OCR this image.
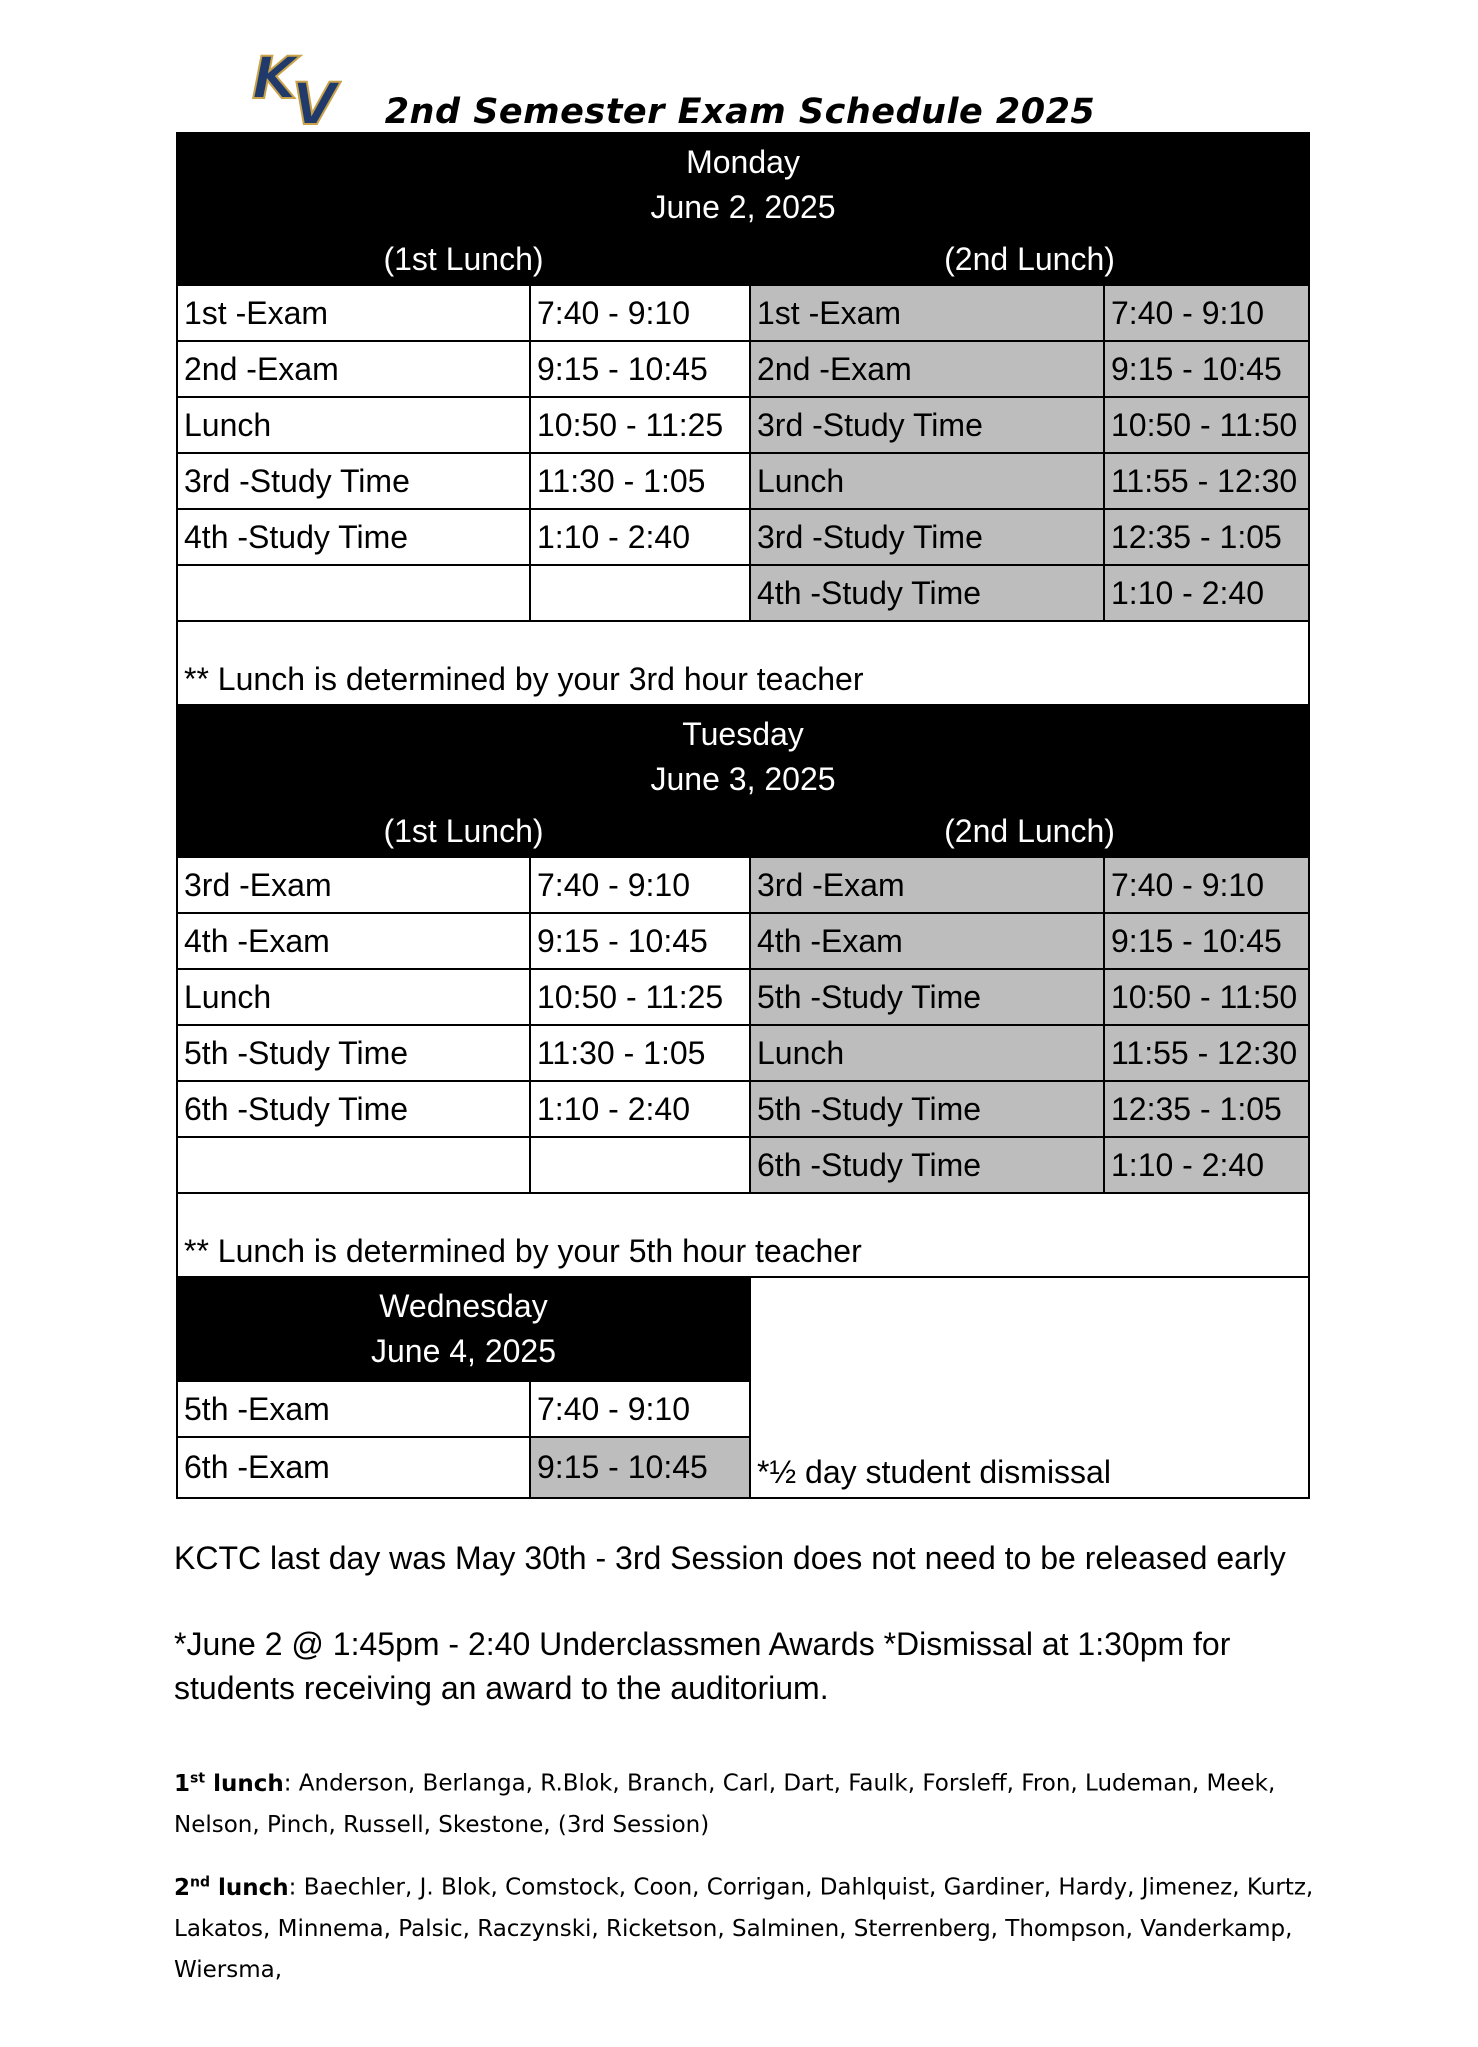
K
V	2nd Semester Exam Schedule 2025
Monday
June 2, 2025			

(1st Lunch)		(2nd Lunch)	
1st -Exam	7:40 - 9:10	1st -Exam	7:40 - 9:10
2nd -Exam	9:15 - 10:45	2nd -Exam	9:15 - 10:45
Lunch	10:50 - 11:25	3rd -Study Time	10:50 - 11:50
3rd -Study Time	11:30 - 1:05	Lunch	11:55 - 12:30
4th -Study Time	1:10 - 2:40	3rd -Study Time	12:35 - 1:05
		4th -Study Time	1:10 - 2:40
** Lunch is determined by your 3rd hour teacher			

Tuesday
June 3, 2025			

(1st Lunch)		(2nd Lunch)	
3rd -Exam	7:40 - 9:10	3rd -Exam	7:40 - 9:10
4th -Exam	9:15 - 10:45	4th -Exam	9:15 - 10:45
Lunch	10:50 - 11:25	5th -Study Time	10:50 - 11:50
5th -Study Time	11:30 - 1:05	Lunch	11:55 - 12:30
6th -Study Time	1:10 - 2:40	5th -Study Time	12:35 - 1:05
		6th -Study Time	1:10 - 2:40
** Lunch is determined by your 5th hour teacher			

Wednesday
June 4, 2025			

5th -Exam	7:40 - 9:10		
6th -Exam	9:15 - 10:45	*½ day student dismissal	
KCTC last day was May 30th - 3rd Session does not need to be released early
*June 2 @ 1:45pm - 2:40 Underclassmen Awards *Dismissal at 1:30pm for students receiving an award to the auditorium.
1st lunch: Anderson, Berlanga, R.Blok, Branch, Carl, Dart, Faulk, Forsleff, Fron, Ludeman, Meek, Nelson, Pinch, Russell, Skestone, (3rd Session)
2nd lunch: Baechler, J. Blok, Comstock, Coon, Corrigan, Dahlquist, Gardiner, Hardy, Jimenez, Kurtz, Lakatos, Minnema, Palsic, Raczynski, Ricketson, Salminen, Sterrenberg, Thompson, Vanderkamp, Wiersma,
